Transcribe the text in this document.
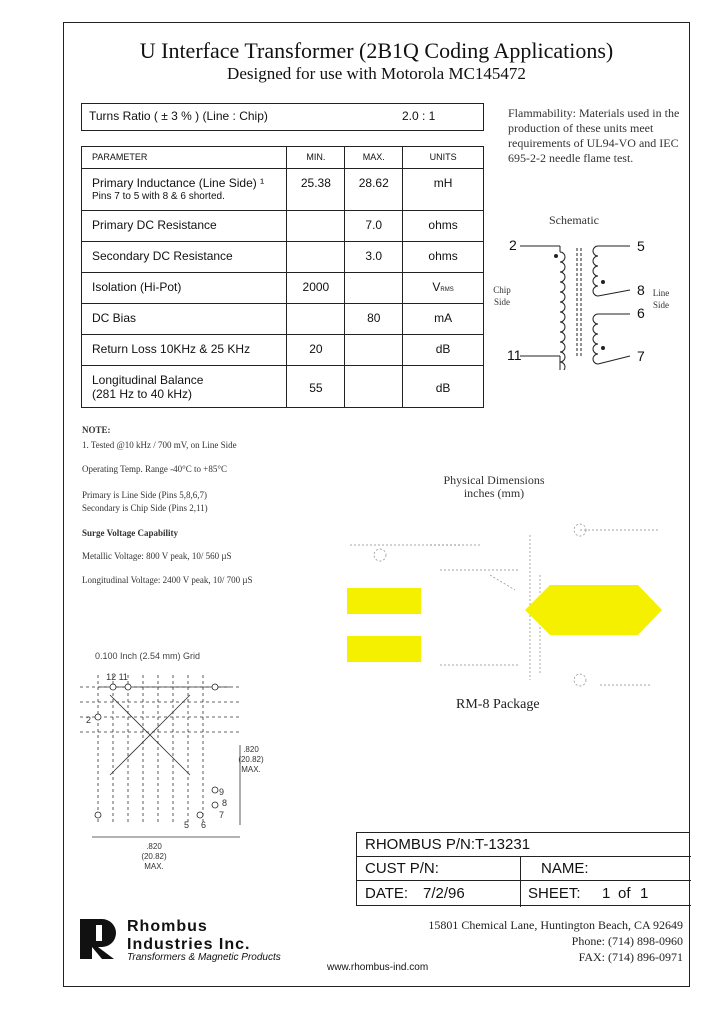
U Interface Transformer (2B1Q Coding Applications)
Designed for use with Motorola MC145472
Turns Ratio ( ± 3 % ) (Line : Chip)	2.0 : 1
PARAMETER	MIN.	MAX.	UNITS

Primary Inductance (Line Side) ¹
Pins 7 to 5 with 8 & 6 shorted.	25.38	28.62	mH
Primary DC Resistance		7.0	ohms
Secondary DC Resistance		3.0	ohms
Isolation (Hi-Pot)	2000		VRMS
DC Bias		80	mA
Return Loss 10KHz & 25 KHz	20		dB

Longitudinal Balance
(281 Hz to 40 kHz)	55		dB
Flammability: Materials used in the production of these units meet requirements of UL94-VO and IEC 695-2-2 needle flame test.
NOTE:
1. Tested @10 kHz / 700 mV, on Line Side
Operating Temp. Range -40°C to +85°C
Primary is Line Side (Pins 5,8,6,7)
Secondary is Chip Side (Pins 2,11)
Surge Voltage Capability
Metallic Voltage: 800 V peak, 10/ 560 µS
Longitudinal Voltage: 2400 V peak, 10/ 700 µS
Schematic
2
11
5
8
6
7
Chip Side
Line Side
Physical Dimensions
inches (mm)
RM-8 Package
0.100 Inch (2.54 mm) Grid
12 11
2
9
8
7
5 6
.820
(20.82)
MAX.
.820
(20.82)
MAX.
RHOMBUS P/N: T-13231
CUST P/N:	NAME:
DATE: 7/2/96	SHEET: 1 of 1
Rhombus
Industries Inc.
Transformers & Magnetic Products
www.rhombus-ind.com
15801 Chemical Lane, Huntington Beach, CA 92649
Phone: (714) 898-0960
FAX: (714) 896-0971
